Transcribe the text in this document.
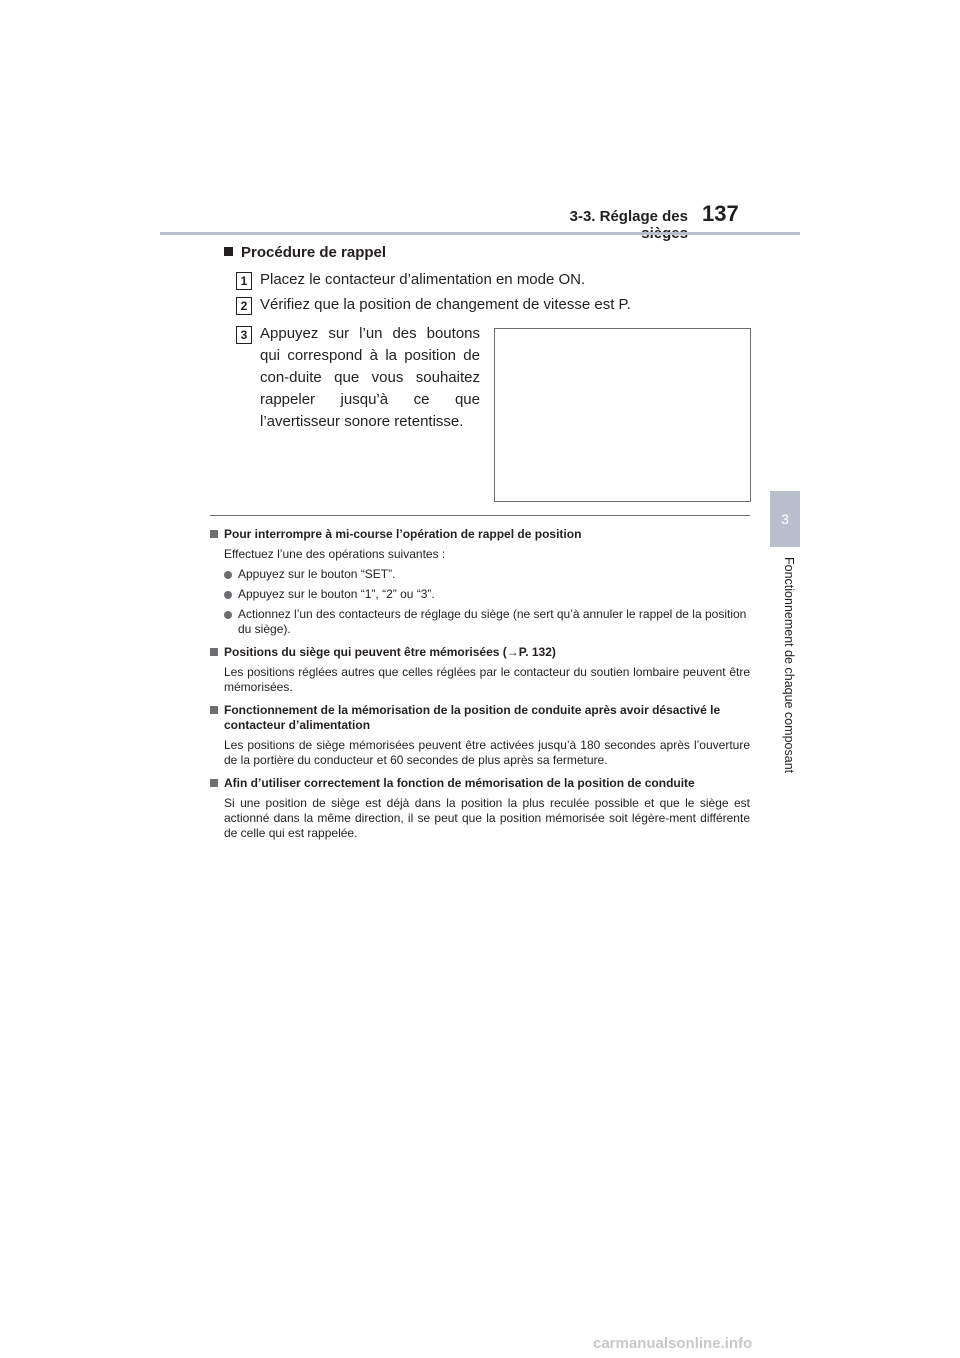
3-3. Réglage des 137
3
Fonctionnement de chaque composant
Procédure de rappel
1 Placez le contacteur d’alimentation en mode ON.
2 Vérifiez que la position de changement de vitesse est P.
3 Appuyez sur l’un des boutons qui correspond à la position de con-duite que vous souhaitez rappeler jusqu’à ce que l’avertisseur sonore retentisse.
Pour interrompre à mi-course l’opération de rappel de position
Effectuez l’une des opérations suivantes :
Appuyez sur le bouton “SET”.
Appuyez sur le bouton “1”, “2” ou “3”.
Actionnez l’un des contacteurs de réglage du siège (ne sert qu’à annuler le rappel de la position du siège).
Positions du siège qui peuvent être mémorisées (→P. 132)
Les positions réglées autres que celles réglées par le contacteur du soutien lombaire peuvent être mémorisées.
Fonctionnement de la mémorisation de la position de conduite après avoir désactivé le contacteur d’alimentation
Les positions de siège mémorisées peuvent être activées jusqu’à 180 secondes après l’ouverture de la portière du conducteur et 60 secondes de plus après sa fermeture.
Afin d’utiliser correctement la fonction de mémorisation de la position de conduite
Si une position de siège est déjà dans la position la plus reculée possible et que le siège est actionné dans la même direction, il se peut que la position mémorisée soit légère-ment différente de celle qui est rappelée.
carmanualsonline.info
